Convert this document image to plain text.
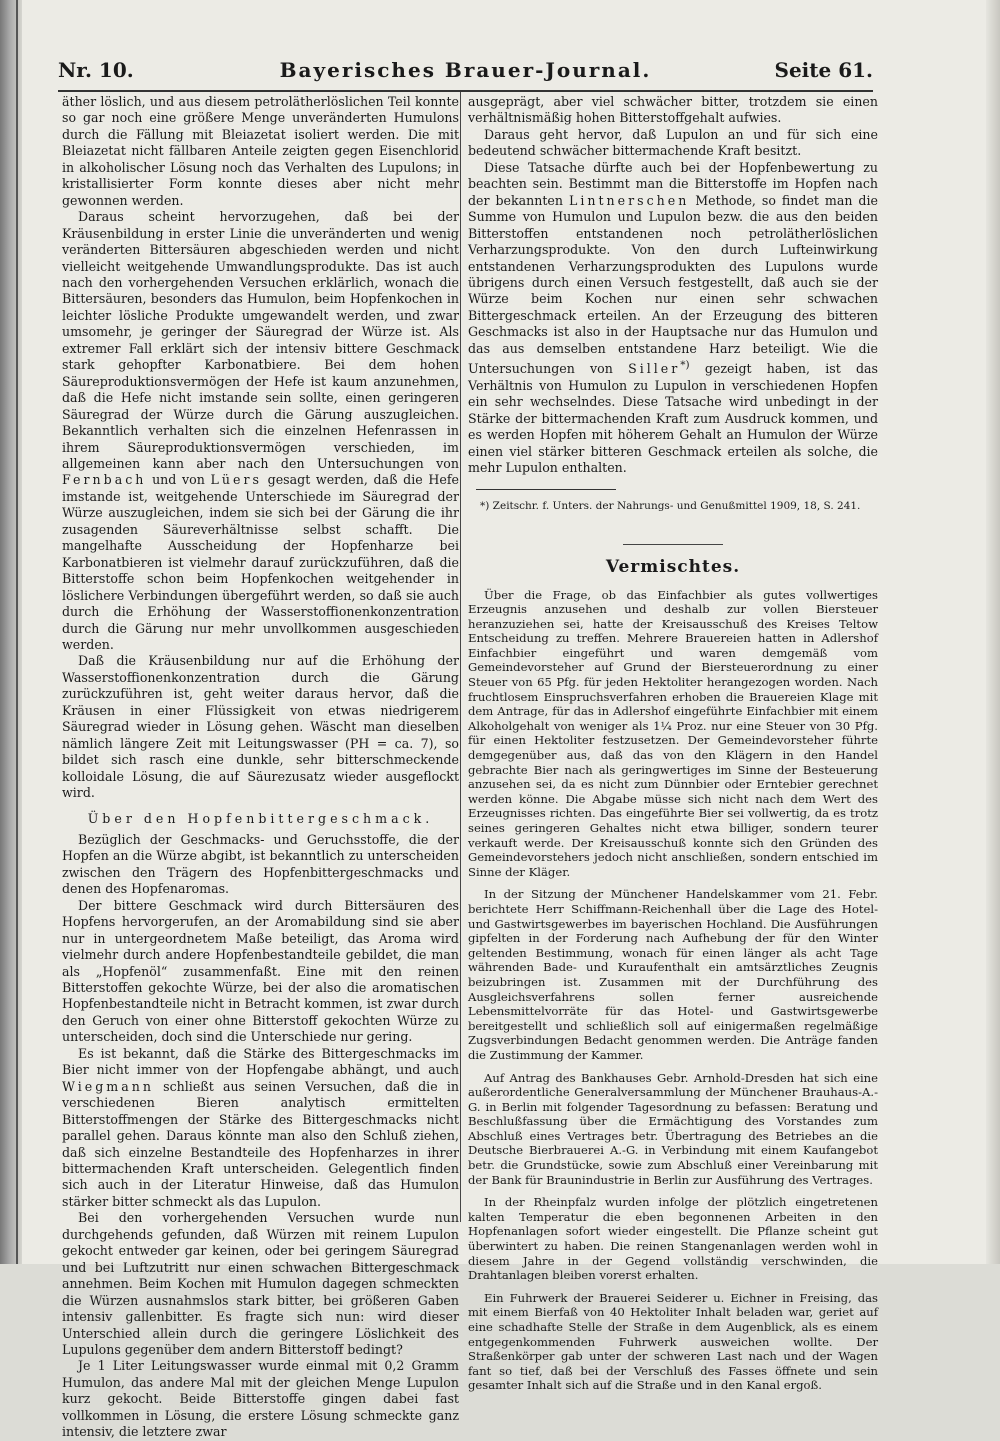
Nr. 10.	Bayerisches Brauer-Journal.	Seite 61.

äther löslich, und aus diesem petrolätherlöslichen Teil konnte so gar noch eine größere Menge unveränderten Humulons durch die Fällung mit Bleiazetat isoliert werden. Die mit Bleiazetat nicht fällbaren Anteile zeigten gegen Eisenchlorid in alkoholischer Lösung noch das Verhalten des Lupulons; in kristallisierter Form konnte dieses aber nicht mehr gewonnen werden.

Daraus scheint hervorzugehen, daß bei der Kräusenbildung in erster Linie die unveränderten und wenig veränderten Bittersäuren abgeschieden werden und nicht vielleicht weitgehende Umwandlungsprodukte. Das ist auch nach den vorhergehenden Versuchen erklärlich, wonach die Bittersäuren, besonders das Humulon, beim Hopfenkochen in leichter lösliche Produkte umgewandelt werden, und zwar umsomehr, je geringer der Säuregrad der Würze ist. Als extremer Fall erklärt sich der intensiv bittere Geschmack stark gehopfter Karbonatbiere. Bei dem hohen Säureproduktionsvermögen der Hefe ist kaum anzunehmen, daß die Hefe nicht imstande sein sollte, einen geringeren Säuregrad der Würze durch die Gärung auszugleichen. Bekanntlich verhalten sich die einzelnen Hefenrassen in ihrem Säureproduktionsvermögen verschieden, im allgemeinen kann aber nach den Untersuchungen von Fernbach und von Lüers gesagt werden, daß die Hefe imstande ist, weitgehende Unterschiede im Säuregrad der Würze auszugleichen, indem sie sich bei der Gärung die ihr zusagenden Säureverhältnisse selbst schafft. Die mangelhafte Ausscheidung der Hopfenharze bei Karbonatbieren ist vielmehr darauf zurückzuführen, daß die Bitterstoffe schon beim Hopfenkochen weitgehender in löslichere Verbindungen übergeführt werden, so daß sie auch durch die Erhöhung der Wasserstoffionenkonzentration durch die Gärung nur mehr unvollkommen ausgeschieden werden.

Daß die Kräusenbildung nur auf die Erhöhung der Wasserstoffionenkonzentration durch die Gärung zurückzuführen ist, geht weiter daraus hervor, daß die Kräusen in einer Flüssigkeit von etwas niedrigerem Säuregrad wieder in Lösung gehen. Wäscht man dieselben nämlich längere Zeit mit Leitungswasser (PH = ca. 7), so bildet sich rasch eine dunkle, sehr bitterschmeckende kolloidale Lösung, die auf Säurezusatz wieder ausgeflockt wird.

Über den Hopfenbittergeschmack.

Bezüglich der Geschmacks- und Geruchsstoffe, die der Hopfen an die Würze abgibt, ist bekanntlich zu unterscheiden zwischen den Trägern des Hopfenbittergeschmacks und denen des Hopfenaromas.

Der bittere Geschmack wird durch Bittersäuren des Hopfens hervorgerufen, an der Aromabildung sind sie aber nur in untergeordnetem Maße beteiligt, das Aroma wird vielmehr durch andere Hopfenbestandteile gebildet, die man als „Hopfenöl“ zusammenfaßt. Eine mit den reinen Bitterstoffen gekochte Würze, bei der also die aromatischen Hopfenbestandteile nicht in Betracht kommen, ist zwar durch den Geruch von einer ohne Bitterstoff gekochten Würze zu unterscheiden, doch sind die Unterschiede nur gering.

Es ist bekannt, daß die Stärke des Bittergeschmacks im Bier nicht immer von der Hopfengabe abhängt, und auch Wiegmann schließt aus seinen Versuchen, daß die in verschiedenen Bieren analytisch ermittelten Bitterstoffmengen der Stärke des Bittergeschmacks nicht parallel gehen. Daraus könnte man also den Schluß ziehen, daß sich einzelne Bestandteile des Hopfenharzes in ihrer bittermachenden Kraft unterscheiden. Gelegentlich finden sich auch in der Literatur Hinweise, daß das Humulon stärker bitter schmeckt als das Lupulon.

Bei den vorhergehenden Versuchen wurde nun durchgehends gefunden, daß Würzen mit reinem Lupulon gekocht entweder gar keinen, oder bei geringem Säuregrad und bei Luftzutritt nur einen schwachen Bittergeschmack annehmen. Beim Kochen mit Humulon dagegen schmeckten die Würzen ausnahmslos stark bitter, bei größeren Gaben intensiv gallenbitter. Es fragte sich nun: wird dieser Unterschied allein durch die geringere Löslichkeit des Lupulons gegenüber dem andern Bitterstoff bedingt?

Je 1 Liter Leitungswasser wurde einmal mit 0,2 Gramm Humulon, das andere Mal mit der gleichen Menge Lupulon kurz gekocht. Beide Bitterstoffe gingen dabei fast vollkommen in Lösung, die erstere Lösung schmeckte ganz intensiv, die letztere zwar

ausgeprägt, aber viel schwächer bitter, trotzdem sie einen verhältnismäßig hohen Bitterstoffgehalt aufwies.

Daraus geht hervor, daß Lupulon an und für sich eine bedeutend schwächer bittermachende Kraft besitzt.

Diese Tatsache dürfte auch bei der Hopfenbewertung zu beachten sein. Bestimmt man die Bitterstoffe im Hopfen nach der bekannten Lintnerschen Methode, so findet man die Summe von Humulon und Lupulon bezw. die aus den beiden Bitterstoffen entstandenen noch petrolätherlöslichen Verharzungsprodukte. Von den durch Lufteinwirkung entstandenen Verharzungsprodukten des Lupulons wurde übrigens durch einen Versuch festgestellt, daß auch sie der Würze beim Kochen nur einen sehr schwachen Bittergeschmack erteilen. An der Erzeugung des bitteren Geschmacks ist also in der Hauptsache nur das Humulon und das aus demselben entstandene Harz beteiligt. Wie die Untersuchungen von Siller*) gezeigt haben, ist das Verhältnis von Humulon zu Lupulon in verschiedenen Hopfen ein sehr wechselndes. Diese Tatsache wird unbedingt in der Stärke der bittermachenden Kraft zum Ausdruck kommen, und es werden Hopfen mit höherem Gehalt an Humulon der Würze einen viel stärker bitteren Geschmack erteilen als solche, die mehr Lupulon enthalten.

*) Zeitschr. f. Unters. der Nahrungs- und Genußmittel 1909, 18, S. 241.

Vermischtes.

Über die Frage, ob das Einfachbier als gutes vollwertiges Erzeugnis anzusehen und deshalb zur vollen Biersteuer heranzuziehen sei, hatte der Kreisausschuß des Kreises Teltow Entscheidung zu treffen. Mehrere Brauereien hatten in Adlershof Einfachbier eingeführt und waren demgemäß vom Gemeindevorsteher auf Grund der Biersteuerordnung zu einer Steuer von 65 Pfg. für jeden Hektoliter herangezogen worden. Nach fruchtlosem Einspruchsverfahren erhoben die Brauereien Klage mit dem Antrage, für das in Adlershof eingeführte Einfachbier mit einem Alkoholgehalt von weniger als 1¼ Proz. nur eine Steuer von 30 Pfg. für einen Hektoliter festzusetzen. Der Gemeindevorsteher führte demgegenüber aus, daß das von den Klägern in den Handel gebrachte Bier nach als geringwertiges im Sinne der Besteuerung anzusehen sei, da es nicht zum Dünnbier oder Erntebier gerechnet werden könne. Die Abgabe müsse sich nicht nach dem Wert des Erzeugnisses richten. Das eingeführte Bier sei vollwertig, da es trotz seines geringeren Gehaltes nicht etwa billiger, sondern teurer verkauft werde. Der Kreisausschuß konnte sich den Gründen des Gemeindevorstehers jedoch nicht anschließen, sondern entschied im Sinne der Kläger.

In der Sitzung der Münchener Handelskammer vom 21. Febr. berichtete Herr Schiffmann-Reichenhall über die Lage des Hotel- und Gastwirtsgewerbes im bayerischen Hochland. Die Ausführungen gipfelten in der Forderung nach Aufhebung der für den Winter geltenden Bestimmung, wonach für einen länger als acht Tage währenden Bade- und Kuraufenthalt ein amtsärztliches Zeugnis beizubringen ist. Zusammen mit der Durchführung des Ausgleichsverfahrens sollen ferner ausreichende Lebensmittelvorräte für das Hotel- und Gastwirtsgewerbe bereitgestellt und schließlich soll auf einigermaßen regelmäßige Zugsverbindungen Bedacht genommen werden. Die Anträge fanden die Zustimmung der Kammer.

Auf Antrag des Bankhauses Gebr. Arnhold-Dresden hat sich eine außerordentliche Generalversammlung der Münchener Brauhaus-A.-G. in Berlin mit folgender Tagesordnung zu befassen: Beratung und Beschlußfassung über die Ermächtigung des Vorstandes zum Abschluß eines Vertrages betr. Übertragung des Betriebes an die Deutsche Bierbrauerei A.-G. in Verbindung mit einem Kaufangebot betr. die Grundstücke, sowie zum Abschluß einer Vereinbarung mit der Bank für Braunindustrie in Berlin zur Ausführung des Vertrages.

In der Rheinpfalz wurden infolge der plötzlich eingetretenen kalten Temperatur die eben begonnenen Arbeiten in den Hopfenanlagen sofort wieder eingestellt. Die Pflanze scheint gut überwintert zu haben. Die reinen Stangenanlagen werden wohl in diesem Jahre in der Gegend vollständig verschwinden, die Drahtanlagen bleiben vorerst erhalten.

Ein Fuhrwerk der Brauerei Seiderer u. Eichner in Freising, das mit einem Bierfaß von 40 Hektoliter Inhalt beladen war, geriet auf eine schadhafte Stelle der Straße in dem Augenblick, als es einem entgegenkommenden Fuhrwerk ausweichen wollte. Der Straßenkörper gab unter der schweren Last nach und der Wagen fant so tief, daß bei der Verschluß des Fasses öffnete und sein gesamter Inhalt sich auf die Straße und in den Kanal ergoß.
